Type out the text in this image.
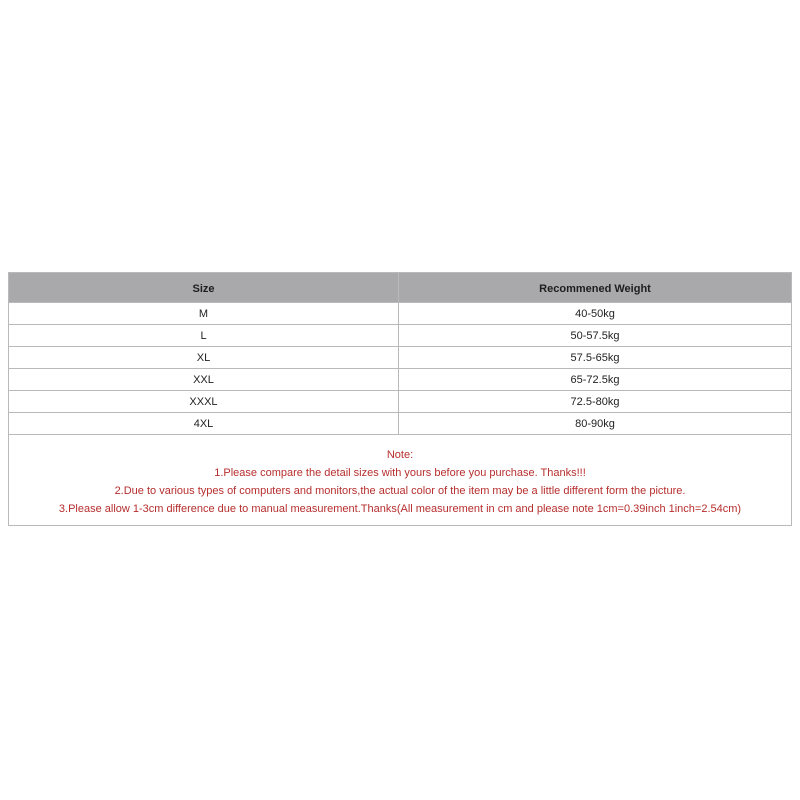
Size	Recommened Weight
M	40-50kg
L	50-57.5kg
XL	57.5-65kg
XXL	65-72.5kg
XXXL	72.5-80kg
4XL	80-90kg

Note:
1.Please compare the detail sizes with yours before you purchase. Thanks!!!
2.Due to various types of computers and monitors,the actual color of the item may be a little different form the picture.
3.Please allow 1-3cm difference due to manual measurement.Thanks(All measurement in cm and please note 1cm=0.39inch 1inch=2.54cm)	
